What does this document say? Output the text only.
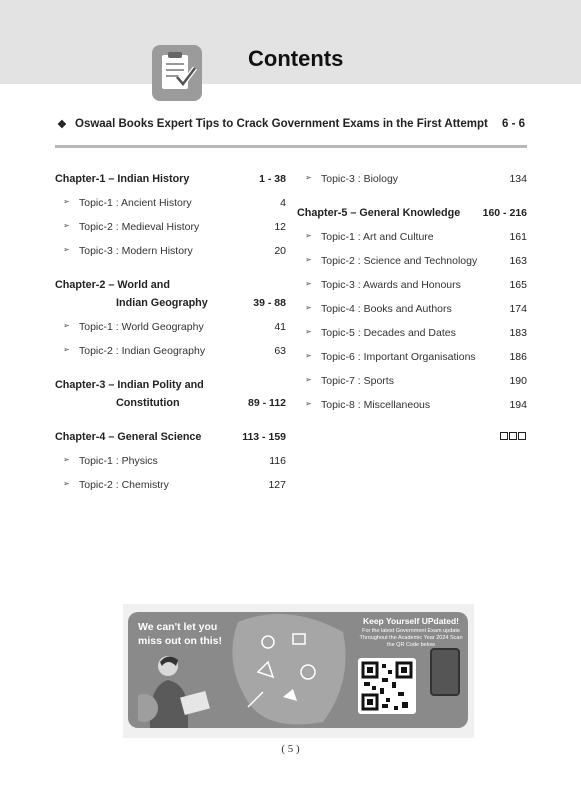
Contents
❖ Oswaal Books Expert Tips to Crack Government Exams in the First Attempt 6 - 6
Chapter-1 – Indian History	1 - 38
➢ Topic-1 : Ancient History	4
➢ Topic-2 : Medieval History	12
➢ Topic-3 : Modern History	20
Chapter-2 – World and
Indian Geography	39 - 88
➢ Topic-1 : World Geography	41
➢ Topic-2 : Indian Geography	63
Chapter-3 – Indian Polity and
Constitution	89 - 112
Chapter-4 – General Science	113 - 159
➢ Topic-1 : Physics	116
➢ Topic-2 : Chemistry	127
➢ Topic-3 : Biology	134
Chapter-5 – General Knowledge	160 - 216
➢ Topic-1 : Art and Culture	161
➢ Topic-2 : Science and Technology	163
➢ Topic-3 : Awards and Honours	165
➢ Topic-4 : Books and Authors	174
➢ Topic-5 : Decades and Dates	183
➢ Topic-6 : Important Organisations	186
➢ Topic-7 : Sports	190
➢ Topic-8 : Miscellaneous	194
We can't let you miss out on this!
Keep Yourself UPdated!
For the latest Government Exam update Throughout the Academic Year 2024 Scan the QR Code below
( 5 )
